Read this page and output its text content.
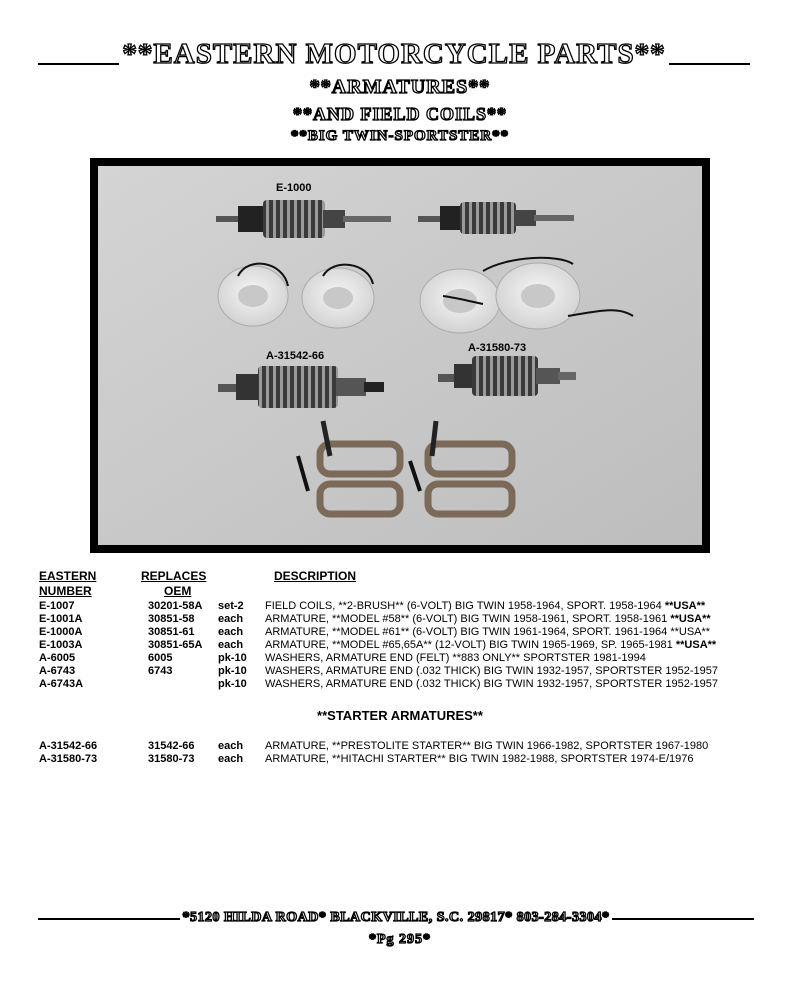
**EASTERN MOTORCYCLE PARTS**
**ARMATURES**
**AND FIELD COILS**
**BIG TWIN-SPORTSTER**
E-1000
A-31542-66
A-31580-73
EASTERN
NUMBER
REPLACES
OEM
DESCRIPTION
E-1007	30201-58A set-2 FIELD COILS, **2-BRUSH** (6-VOLT) BIG TWIN 1958-1964, SPORT. 1958-1964 **USA**
E-1001A	30851-58 each ARMATURE, **MODEL #58** (6-VOLT) BIG TWIN 1958-1961, SPORT. 1958-1961 **USA**
E-1000A	30851-61 each ARMATURE, **MODEL #61** (6-VOLT) BIG TWIN 1961-1964, SPORT. 1961-1964 **USA**
E-1003A	30851-65A each ARMATURE, **MODEL #65,65A** (12-VOLT) BIG TWIN 1965-1969, SP. 1965-1981 **USA**
A-6005	6005	pk-10 WASHERS, ARMATURE END (FELT) **883 ONLY** SPORTSTER 1981-1994
A-6743	6743	pk-10 WASHERS, ARMATURE END (.032 THICK) BIG TWIN 1932-1957, SPORTSTER 1952-1957
A-6743A	pk-10 WASHERS, ARMATURE END (.032 THICK) BIG TWIN 1932-1957, SPORTSTER 1952-1957
**STARTER ARMATURES**
A-31542-66	31542-66 each ARMATURE, **PRESTOLITE STARTER** BIG TWIN 1966-1982, SPORTSTER 1967-1980
A-31580-73	31580-73 each ARMATURE, **HITACHI STARTER** BIG TWIN 1982-1988, SPORTSTER 1974-E/1976
*5120 HILDA ROAD* BLACKVILLE, S.C. 29817* 803-284-3304*
*Pg 295*
